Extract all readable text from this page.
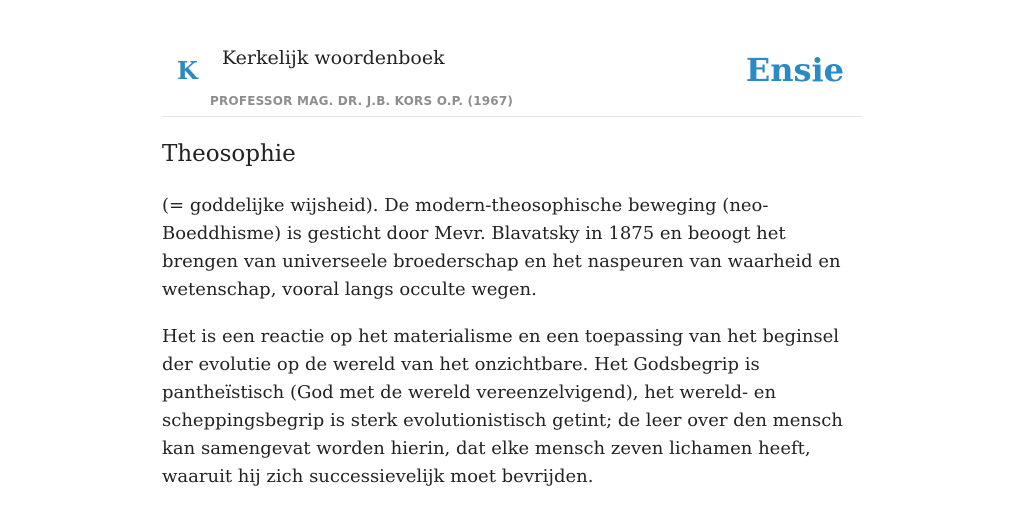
K Kerkelijk woordenboek
PROFESSOR MAG. DR. J.B. KORS O.P. (1967)
Ensie
Theosophie

(= goddelijke wijsheid). De modern-theosophische beweging (neo-Boeddhisme) is gesticht door Mevr. Blavatsky in 1875 en beoogt het brengen van universeele broederschap en het naspeuren van waarheid en wetenschap, vooral langs occulte wegen.

Het is een reactie op het materialisme en een toepassing van het beginsel der evolutie op de wereld van het onzichtbare. Het Godsbegrip is pantheïstisch (God met de wereld vereenzelvigend), het wereld- en scheppingsbegrip is sterk evolutionistisch getint; de leer over den mensch kan samengevat worden hierin, dat elke mensch zeven lichamen heeft, waaruit hij zich successievelijk moet bevrijden.
